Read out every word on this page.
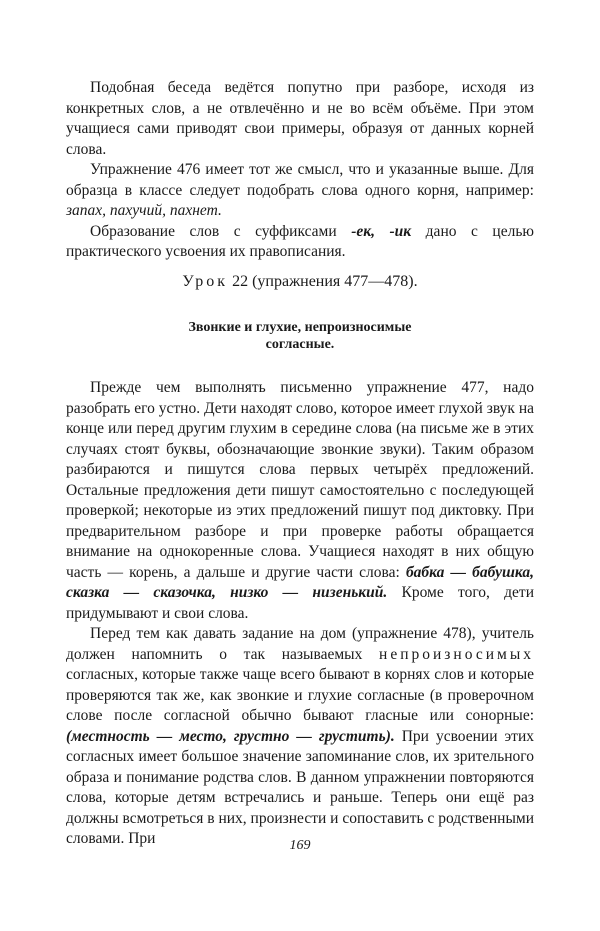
Подобная беседа ведётся попутно при разборе, исходя из конкретных слов, а не отвлечённо и не во всём объёме. При этом учащиеся сами приводят свои примеры, образуя от данных корней слова.

Упражнение 476 имеет тот же смысл, что и указанные выше. Для образца в классе следует подобрать слова одного корня, например: запах, пахучий, пахнет.

Образование слов с суффиксами -ек, -ик дано с целью практического усвоения их правописания.

Урок 22 (упражнения 477—478).
Звонкие и глухие, непроизносимые
согласные.

Прежде чем выполнять письменно упражнение 477, надо разобрать его устно. Дети находят слово, которое имеет глухой звук на конце или перед другим глухим в середине слова (на письме же в этих случаях стоят буквы, обозначающие звонкие звуки). Таким образом разбираются и пишутся слова первых четырёх предложений. Остальные предложения дети пишут самостоятельно с последующей проверкой; некоторые из этих предложений пишут под диктовку. При предварительном разборе и при проверке работы обращается внимание на однокоренные слова. Учащиеся находят в них общую часть — корень, а дальше и другие части слова: бабка — бабушка, сказка — сказочка, низко — низенький. Кроме того, дети придумывают и свои слова.

Перед тем как давать задание на дом (упражнение 478), учитель должен напомнить о так называемых непроизносимых согласных, которые также чаще всего бывают в корнях слов и которые проверяются так же, как звонкие и глухие согласные (в проверочном слове после согласной обычно бывают гласные или сонорные: (местность — место, грустно — грустить). При усвоении этих согласных имеет большое значение запоминание слов, их зрительного образа и понимание родства слов. В данном упражнении повторяются слова, которые детям встречались и раньше. Теперь они ещё раз должны всмотреться в них, произнести и сопоставить с родственными словами. При	169
